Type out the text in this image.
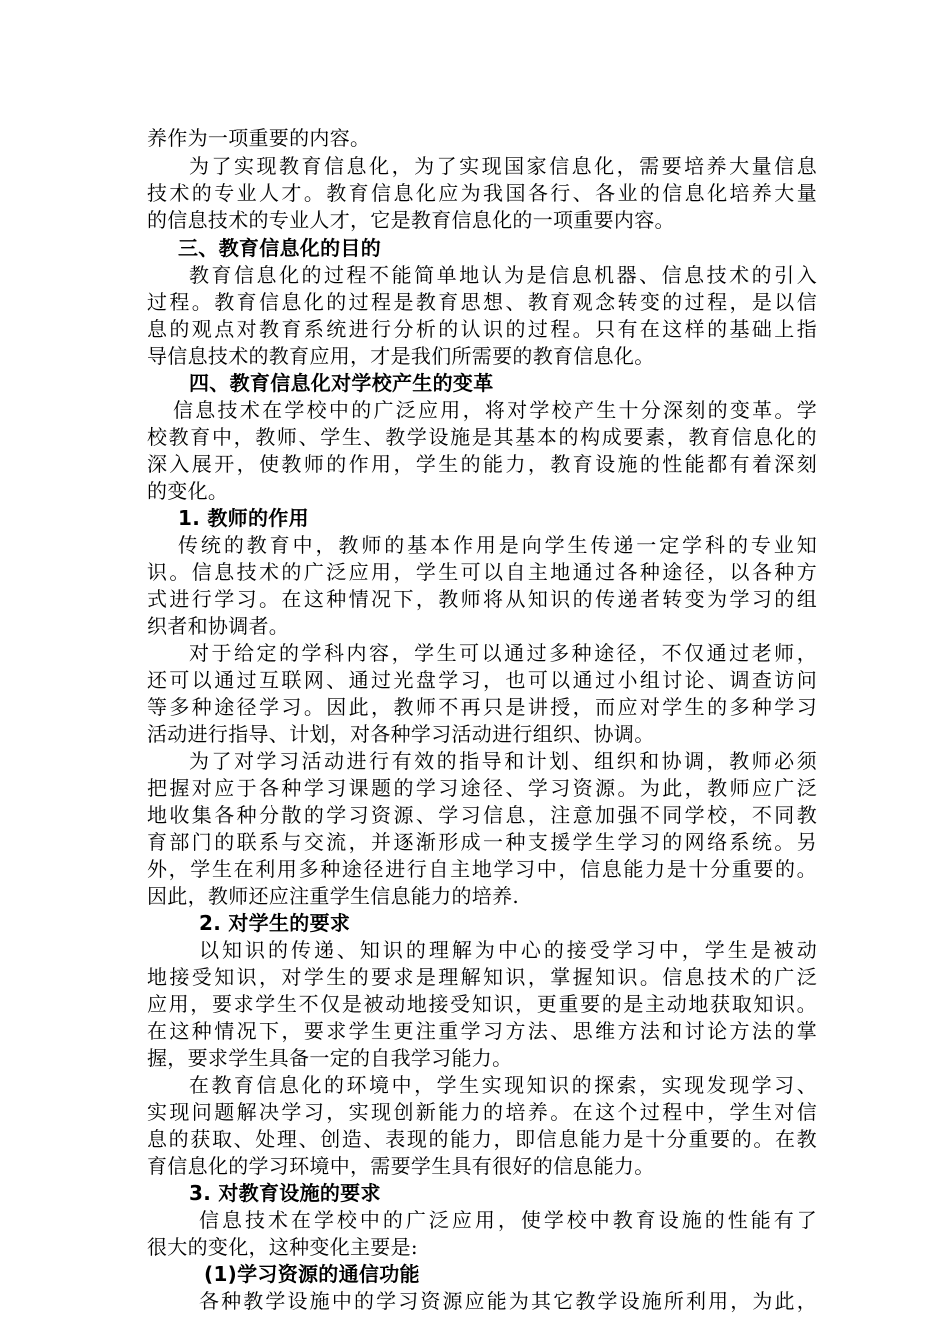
养作为一项重要的内容。
为了实现教育信息化，为了实现国家信息化，需要培养大量信息
技术的专业人才。教育信息化应为我国各行、各业的信息化培养大量
的信息技术的专业人才，它是教育信息化的一项重要内容。
三、教育信息化的目的
教育信息化的过程不能简单地认为是信息机器、信息技术的引入
过程。教育信息化的过程是教育思想、教育观念转变的过程，是以信
息的观点对教育系统进行分析的认识的过程。只有在这样的基础上指
导信息技术的教育应用，才是我们所需要的教育信息化。
四、教育信息化对学校产生的变革
信息技术在学校中的广泛应用，将对学校产生十分深刻的变革。学
校教育中，教师、学生、教学设施是其基本的构成要素，教育信息化的
深入展开，使教师的作用，学生的能力，教育设施的性能都有着深刻
的变化。
1. 教师的作用
传统的教育中，教师的基本作用是向学生传递一定学科的专业知
识。信息技术的广泛应用，学生可以自主地通过各种途径，以各种方
式进行学习。在这种情况下，教师将从知识的传递者转变为学习的组
织者和协调者。
对于给定的学科内容，学生可以通过多种途径，不仅通过老师，
还可以通过互联网、通过光盘学习，也可以通过小组讨论、调查访问
等多种途径学习。因此，教师不再只是讲授，而应对学生的多种学习
活动进行指导、计划，对各种学习活动进行组织、协调。
为了对学习活动进行有效的指导和计划、组织和协调，教师必须
把握对应于各种学习课题的学习途径、学习资源。为此，教师应广泛
地收集各种分散的学习资源、学习信息，注意加强不同学校，不同教
育部门的联系与交流，并逐渐形成一种支援学生学习的网络系统。另
外，学生在利用多种途径进行自主地学习中，信息能力是十分重要的。
因此，教师还应注重学生信息能力的培养.
2. 对学生的要求
以知识的传递、知识的理解为中心的接受学习中，学生是被动
地接受知识，对学生的要求是理解知识，掌握知识。信息技术的广泛
应用，要求学生不仅是被动地接受知识，更重要的是主动地获取知识。
在这种情况下，要求学生更注重学习方法、思维方法和讨论方法的掌
握，要求学生具备一定的自我学习能力。
在教育信息化的环境中，学生实现知识的探索，实现发现学习、
实现问题解决学习，实现创新能力的培养。在这个过程中，学生对信
息的获取、处理、创造、表现的能力，即信息能力是十分重要的。在教
育信息化的学习环境中，需要学生具有很好的信息能力。
3. 对教育设施的要求
信息技术在学校中的广泛应用，使学校中教育设施的性能有了
很大的变化，这种变化主要是:
(1)学习资源的通信功能
各种教学设施中的学习资源应能为其它教学设施所利用，为此，
